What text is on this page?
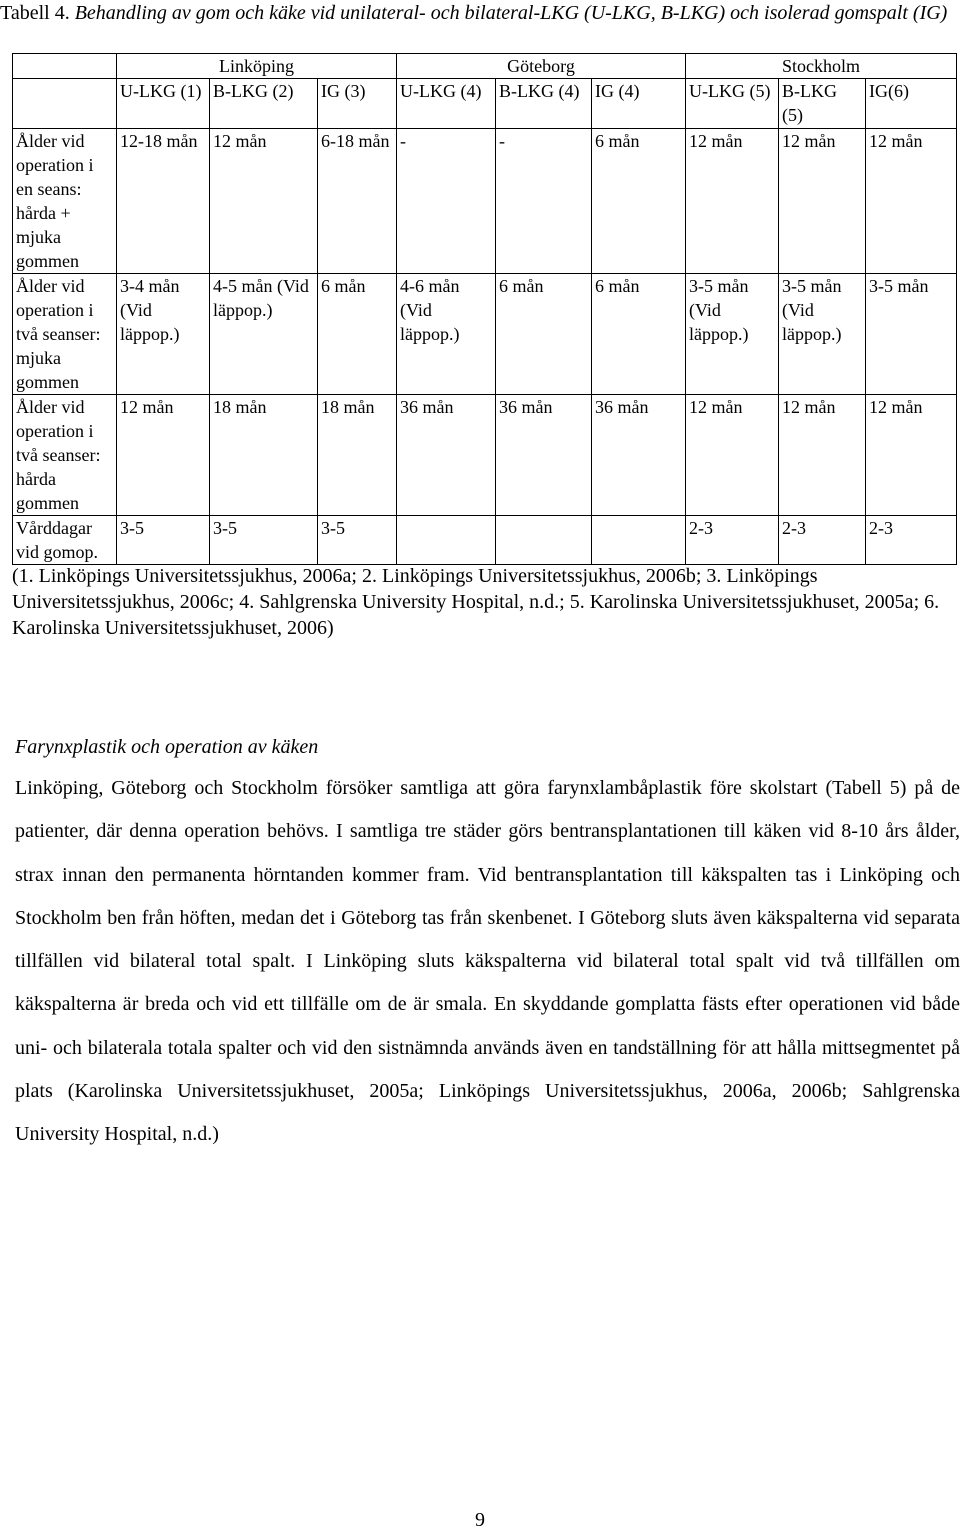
Tabell 4. Behandling av gom och käke vid unilateral- och bilateral-LKG (U-LKG, B-LKG) och isolerad gomspalt (IG)
	Linköping			Göteborg			Stockholm		
	U-LKG (1)	B-LKG (2)	IG (3)	U-LKG (4)	B-LKG (4)	IG (4)	U-LKG (5)	B-LKG (5)	IG(6)
Ålder vid operation i en seans: hårda + mjuka gommen	12-18 mån	12 mån	6-18 mån	-	-	6 mån	12 mån	12 mån	12 mån
Ålder vid operation i två seanser: mjuka gommen	3-4 mån (Vid läppop.)	4-5 mån (Vid läppop.)	6 mån	4-6 mån (Vid läppop.)	6 mån	6 mån	3-5 mån (Vid läppop.)	3-5 mån (Vid läppop.)	3-5 mån
Ålder vid operation i två seanser: hårda gommen	12 mån	18 mån	18 mån	36 mån	36 mån	36 mån	12 mån	12 mån	12 mån
Vårddagar vid gomop.	3-5	3-5	3-5				2-3	2-3	2-3
(1. Linköpings Universitetssjukhus, 2006a; 2. Linköpings Universitetssjukhus, 2006b; 3. Linköpings Universitetssjukhus, 2006c; 4. Sahlgrenska University Hospital, n.d.; 5. Karolinska Universitetssjukhuset, 2005a; 6. Karolinska Universitetssjukhuset, 2006)
Farynxplastik och operation av käken
Linköping, Göteborg och Stockholm försöker samtliga att göra farynxlambåplastik före skolstart (Tabell 5) på de patienter, där denna operation behövs. I samtliga tre städer görs bentransplantationen till käken vid 8-10 års ålder, strax innan den permanenta hörntanden kommer fram. Vid bentransplantation till käkspalten tas i Linköping och Stockholm ben från höften, medan det i Göteborg tas från skenbenet. I Göteborg sluts även käkspalterna vid separata tillfällen vid bilateral total spalt. I Linköping sluts käkspalterna vid bilateral total spalt vid två tillfällen om käkspalterna är breda och vid ett tillfälle om de är smala. En skyddande gomplatta fästs efter operationen vid både uni- och bilaterala totala spalter och vid den sistnämnda används även en tandställning för att hålla mittsegmentet på plats (Karolinska Universitetssjukhuset, 2005a; Linköpings Universitetssjukhus, 2006a, 2006b; Sahlgrenska University Hospital, n.d.)
9
